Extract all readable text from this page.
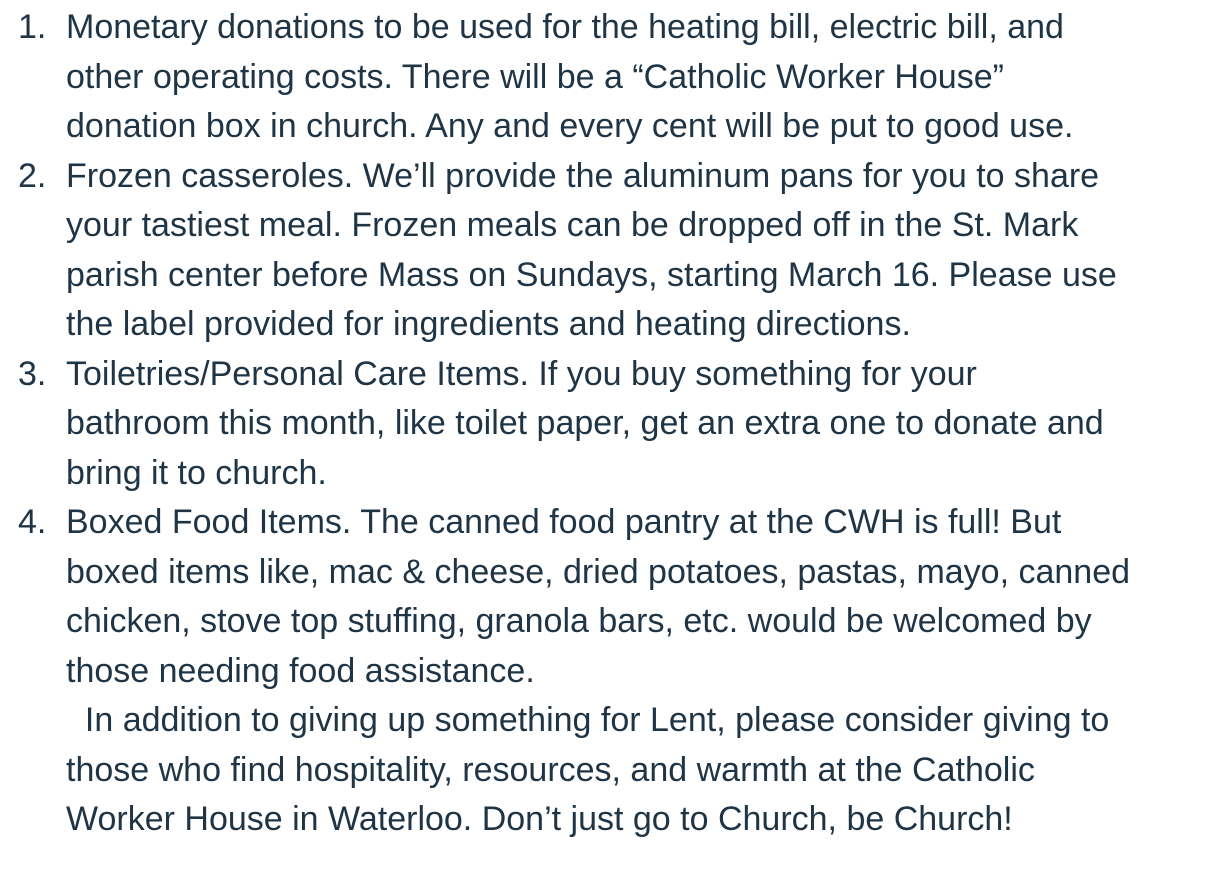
1. Monetary donations to be used for the heating bill, electric bill, and
other operating costs. There will be a “Catholic Worker House”
donation box in church. Any and every cent will be put to good use.
2. Frozen casseroles. We’ll provide the aluminum pans for you to share
your tastiest meal. Frozen meals can be dropped off in the St. Mark
parish center before Mass on Sundays, starting March 16. Please use
the label provided for ingredients and heating directions.
3. Toiletries/Personal Care Items. If you buy something for your
bathroom this month, like toilet paper, get an extra one to donate and
bring it to church.
4. Boxed Food Items. The canned food pantry at the CWH is full! But
boxed items like, mac & cheese, dried potatoes, pastas, mayo, canned
chicken, stove top stuffing, granola bars, etc. would be welcomed by
those needing food assistance.
In addition to giving up something for Lent, please consider giving to
those who find hospitality, resources, and warmth at the Catholic
Worker House in Waterloo. Don’t just go to Church, be Church!
